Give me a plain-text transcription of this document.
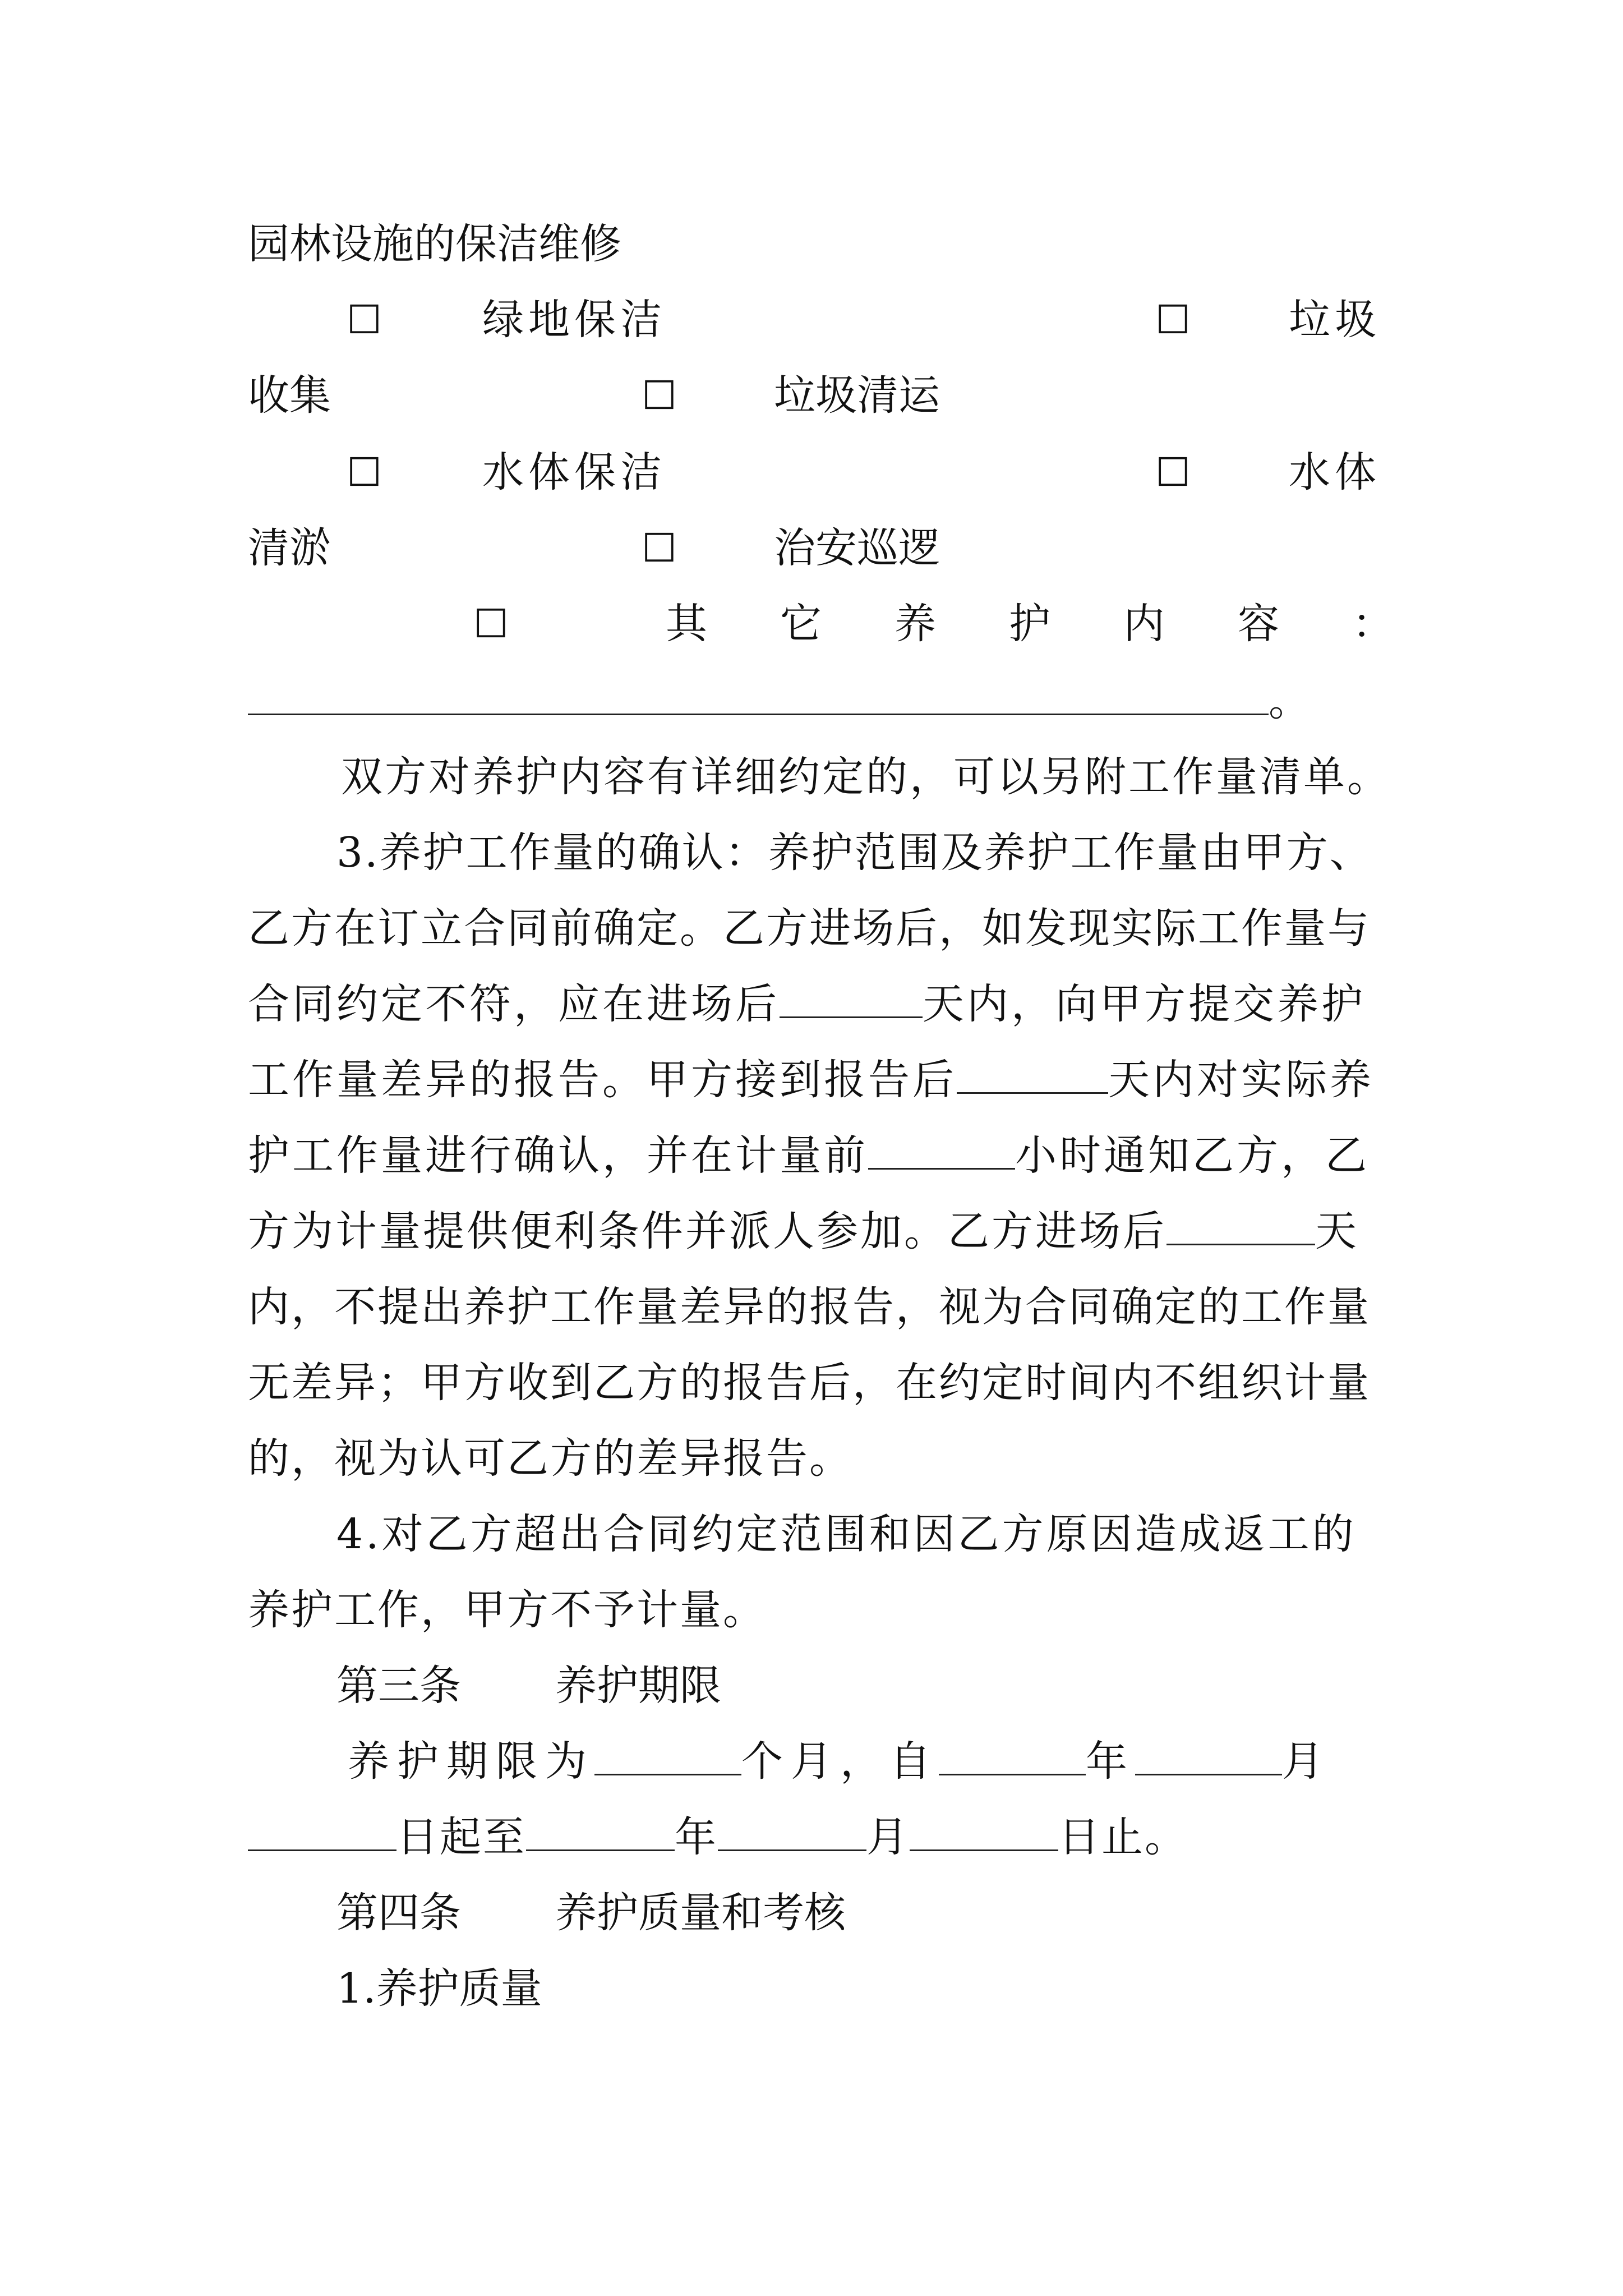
园林设施的保洁维修
☐ 绿地保洁	☐ 垃圾
收集	☐ 垃圾清运
☐ 水体保洁	☐ 水体
清淤	☐ 治安巡逻
☐	其它养护内容：
。
双方对养护内容有详细约定的，可以另附工作量清单。
3.养护工作量的确认：养护范围及养护工作量由甲方、
乙方在订立合同前确定。乙方进场后，如发现实际工作量与
合同约定不符，应在进场后	天内，向甲方提交养护
工作量差异的报告。甲方接到报告后	天内对实际养
护工作量进行确认，并在计量前	小时通知乙方，乙
方为计量提供便利条件并派人参加。乙方进场后	天
内，不提出养护工作量差异的报告，视为合同确定的工作量
无差异；甲方收到乙方的报告后，在约定时间内不组织计量
的，视为认可乙方的差异报告。
4.对乙方超出合同约定范围和因乙方原因造成返工的
养护工作，甲方不予计量。
第三条 养护期限
养护期限为	个月，自	年	月
日起至	年	月	日止。
第四条 养护质量和考核
1.养护质量
